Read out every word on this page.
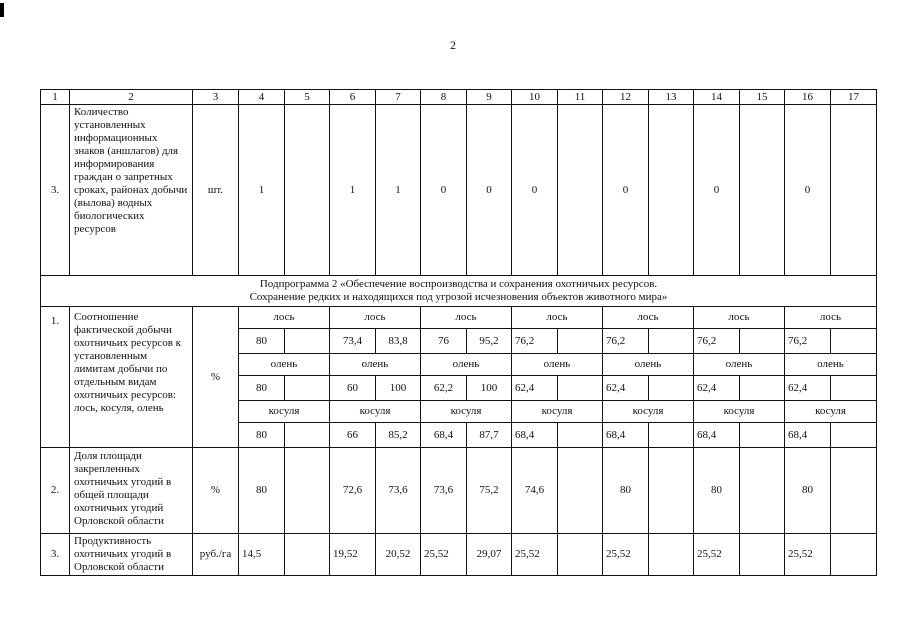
2
1	2	3	4	5	6	7	8	9	10	11	12	13	14	15	16	17
3.	Количество установленных информационных знаков (аншлагов) для информирования граждан о запретных сроках, районах добычи (вылова) водных биологических ресурсов	шт.	1		1	1	0	0	0		0		0		0	

Подпрограмма 2 «Обеспечение воспроизводства и сохранения охотничьих ресурсов.
Сохранение редких и находящихся под угрозой исчезновения объектов животного мира»																

1.	Соотношение фактической добычи охотничьих ресурсов к установленным лимитам добычи по отдельным видам охотничьих ресурсов: лось, косуля, олень	%	лось		лось		лось		лось		лось		лось		лось	
			80		73,4	83,8	76	95,2	76,2		76,2		76,2		76,2	
			олень		олень		олень		олень		олень		олень		олень	
			80		60	100	62,2	100	62,4		62,4		62,4		62,4	
			косуля		косуля		косуля		косуля		косуля		косуля		косуля	
			80		66	85,2	68,4	87,7	68,4		68,4		68,4		68,4	
2.	Доля площади закрепленных охотничьих угодий в общей площади охотничьих угодий Орловской области	%	80		72,6	73,6	73,6	75,2	74,6		80		80		80	
3.	Продуктивность охотничьих угодий в Орловской области	руб./га	14,5		19,52	20,52	25,52	29,07	25,52		25,52		25,52		25,52	
